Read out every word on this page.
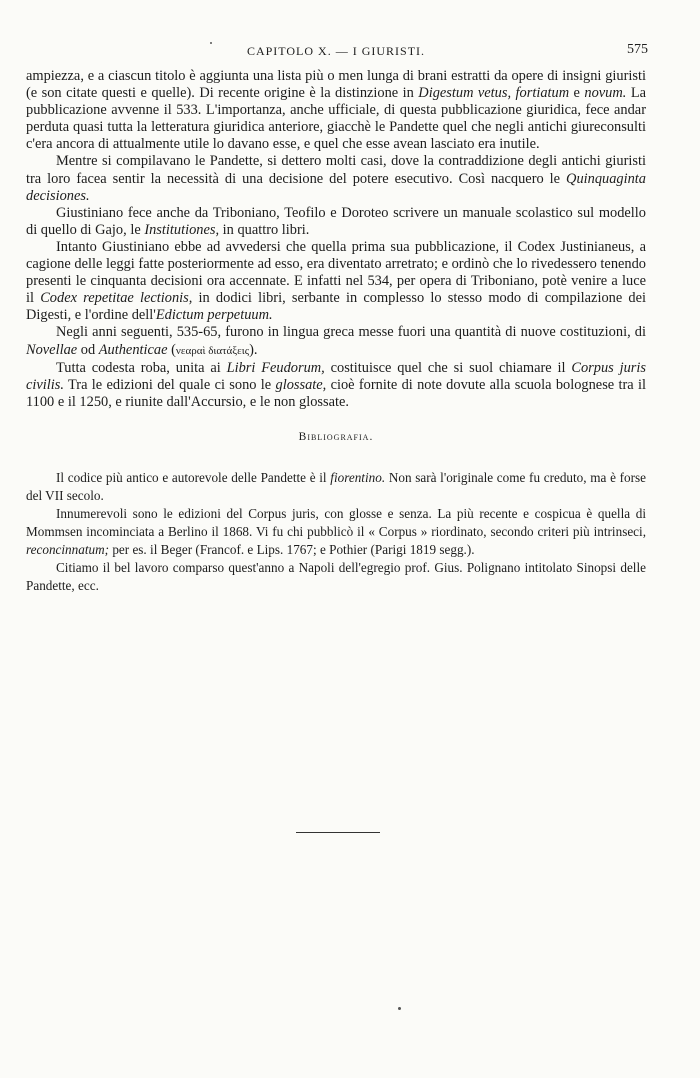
CAPITOLO X. — I GIURISTI.	575

ampiezza, e a ciascun titolo è aggiunta una lista più o men lunga di brani estratti da opere di insigni giuristi (e son citate questi e quelle). Di recente origine è la distinzione in Digestum vetus, fortiatum e novum. La pubblicazione avvenne il 533. L'importanza, anche ufficiale, di questa pubblicazione giuridica, fece andar perduta quasi tutta la letteratura giuridica anteriore, giacchè le Pandette quel che negli antichi giureconsulti c'era ancora di attualmente utile lo davano esse, e quel che esse avean lasciato era inutile.

Mentre si compilavano le Pandette, si dettero molti casi, dove la contraddizione degli antichi giuristi tra loro facea sentir la necessità di una decisione del potere esecutivo. Così nacquero le Quinquaginta decisiones.

Giustiniano fece anche da Triboniano, Teofilo e Doroteo scrivere un manuale scolastico sul modello di quello di Gajo, le Institutiones, in quattro libri.

Intanto Giustiniano ebbe ad avvedersi che quella prima sua pubblicazione, il Codex Justinianeus, a cagione delle leggi fatte posteriormente ad esso, era diventato arretrato; e ordinò che lo rivedessero tenendo presenti le cinquanta decisioni ora accennate. E infatti nel 534, per opera di Triboniano, potè venire a luce il Codex repetitae lectionis, in dodici libri, serbante in complesso lo stesso modo di compilazione dei Digesti, e l'ordine dell'Edictum perpetuum.

Negli anni seguenti, 535-65, furono in lingua greca messe fuori una quantità di nuove costituzioni, di Novellae od Authenticae (νεαραὶ διατάξεις).

Tutta codesta roba, unita ai Libri Feudorum, costituisce quel che si suol chiamare il Corpus juris civilis. Tra le edizioni del quale ci sono le glossate, cioè fornite di note dovute alla scuola bolognese tra il 1100 e il 1250, e riunite dall'Accursio, e le non glossate.

Bibliografia.

Il codice più antico e autorevole delle Pandette è il fiorentino. Non sarà l'originale come fu creduto, ma è forse del VII secolo.

Innumerevoli sono le edizioni del Corpus juris, con glosse e senza. La più recente e cospicua è quella di Mommsen incominciata a Berlino il 1868. Vi fu chi pubblicò il « Corpus » riordinato, secondo criteri più intrinseci, reconcinnatum; per es. il Beger (Francof. e Lips. 1767; e Pothier (Parigi 1819 segg.).

Citiamo il bel lavoro comparso quest'anno a Napoli dell'egregio prof. Gius. Polignano intitolato Sinopsi delle Pandette, ecc.
